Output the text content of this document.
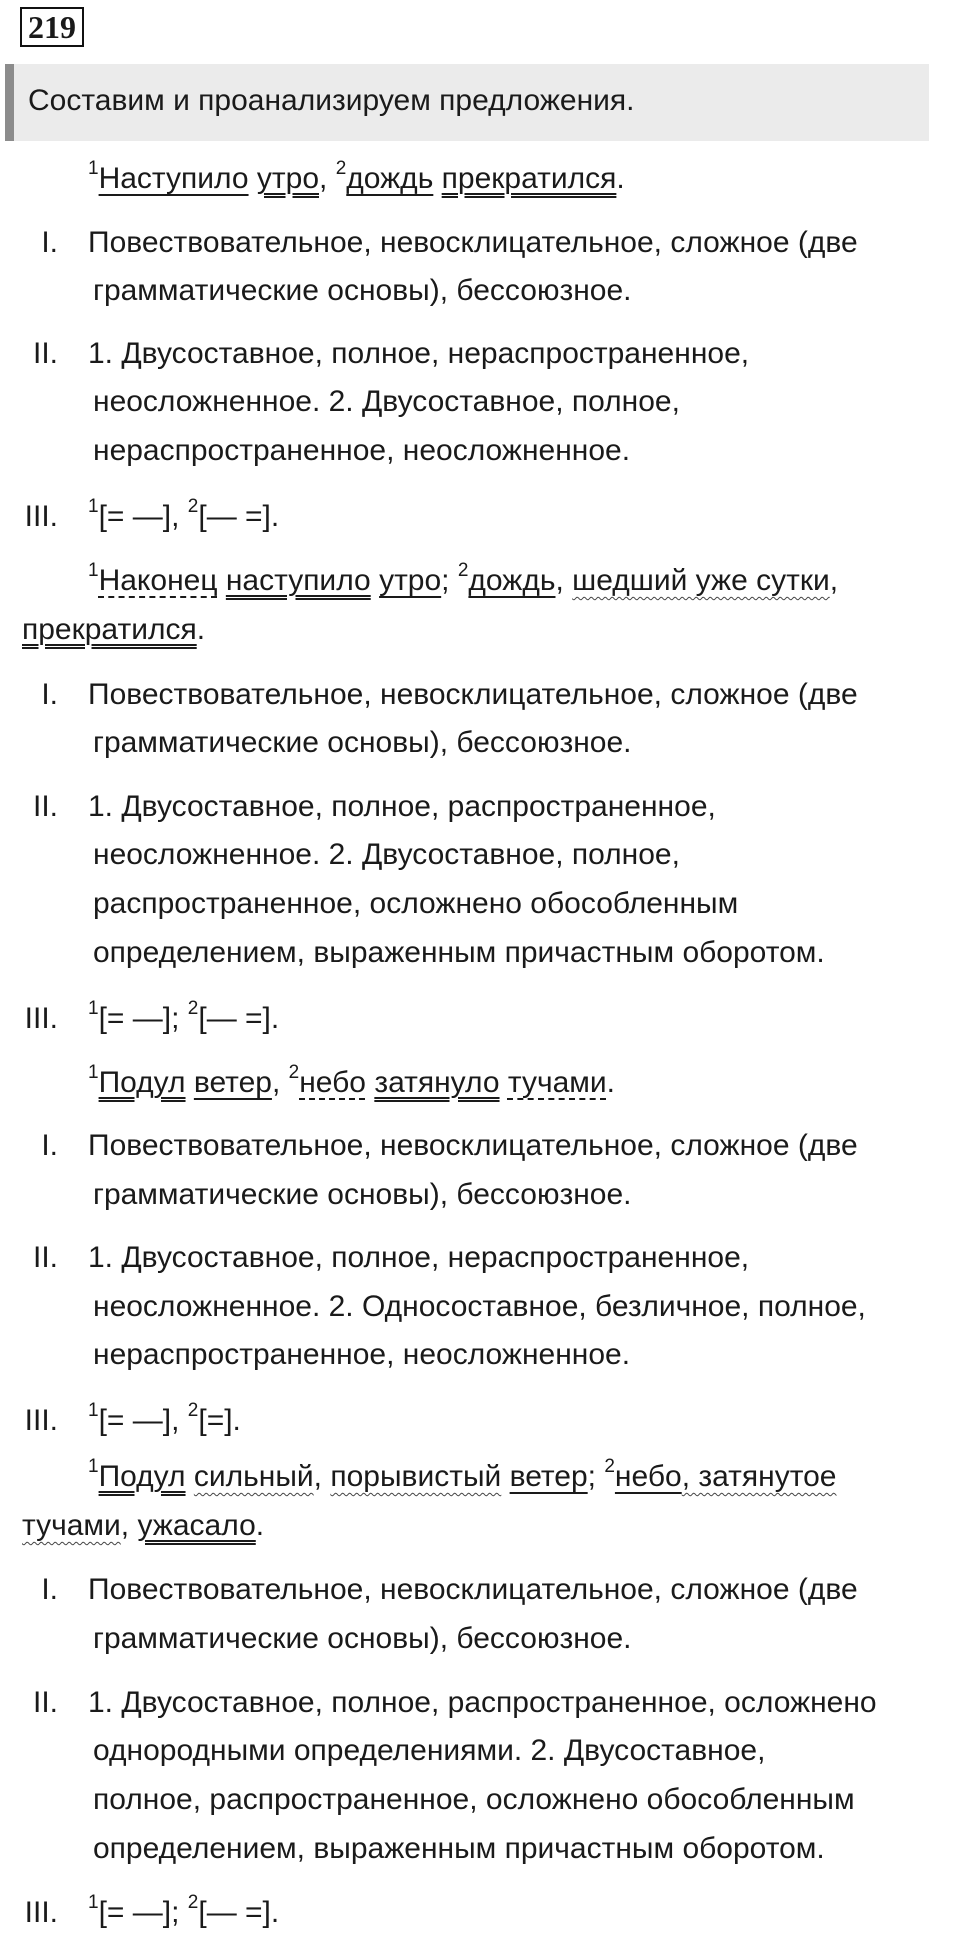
219
Составим и проанализируем предложения.
$^1$Наступило утро, $^2$дождь прекратился.
I. Повествовательное, невосклицательное, сложное (две
грамматические основы), бессоюзное.
II. 1. Двусоставное, полное, нераспространенное,
неосложненное. 2. Двусоставное, полное,
нераспространенное, неосложненное.
III. $^1$[= —], $^2$[— =].
$^1$Наконец наступило утро; $^2$дождь, шедший уже сутки,
прекратился.
I. Повествовательное, невосклицательное, сложное (две
грамматические основы), бессоюзное.
II. 1. Двусоставное, полное, распространенное,
неосложненное. 2. Двусоставное, полное,
распространенное, осложнено обособленным
определением, выраженным причастным оборотом.
III. $^1$[= —]; $^2$[— =].
$^1$Подул ветер, $^2$небо затянуло тучами.
I. Повествовательное, невосклицательное, сложное (две
грамматические основы), бессоюзное.
II. 1. Двусоставное, полное, нераспространенное,
неосложненное. 2. Односоставное, безличное, полное,
нераспространенное, неосложненное.
III. $^1$[= —], $^2$[=].
$^1$Подул сильный, порывистый ветер; $^2$небо, затянутое
тучами, ужасало.
I. Повествовательное, невосклицательное, сложное (две
грамматические основы), бессоюзное.
II. 1. Двусоставное, полное, распространенное, осложнено
однородными определениями. 2. Двусоставное,
полное, распространенное, осложнено обособленным
определением, выраженным причастным оборотом.
III. $^1$[= —]; $^2$[— =].
